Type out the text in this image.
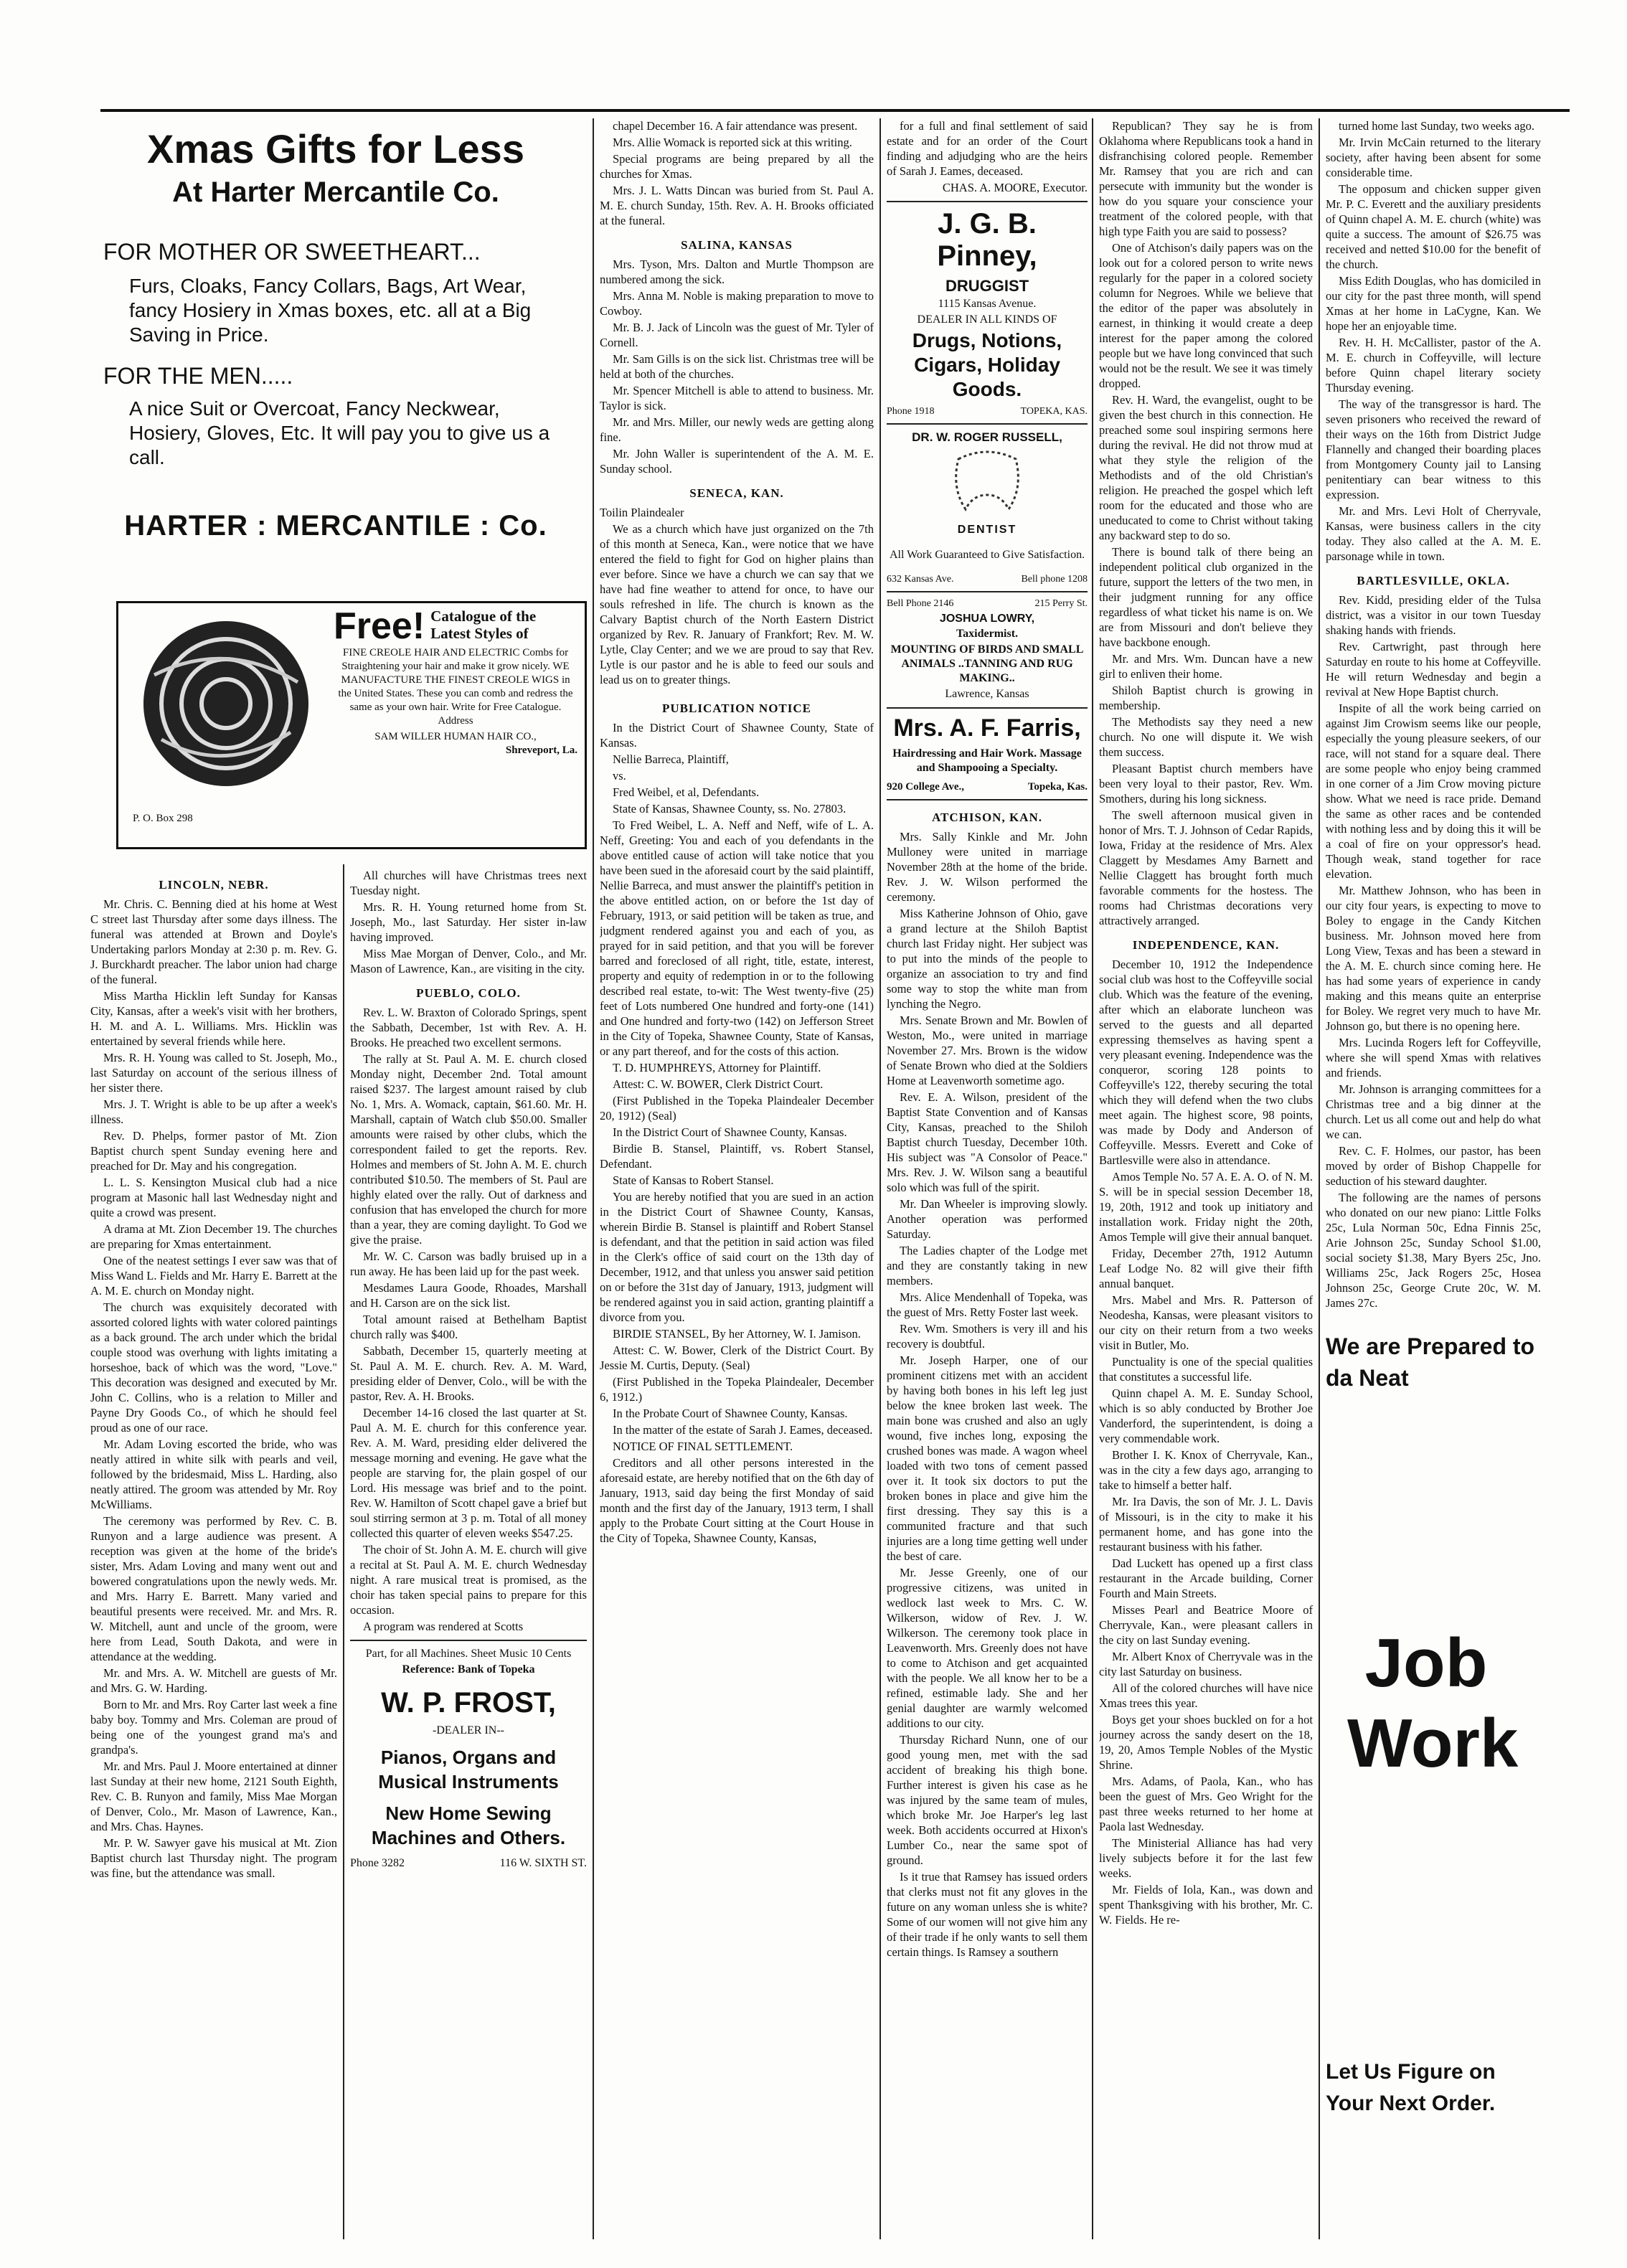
Xmas Gifts for Less
At Harter Mercantile Co.
FOR MOTHER OR SWEETHEART...
Furs, Cloaks, Fancy Collars, Bags, Art Wear, fancy Hosiery in Xmas boxes, etc. all at a Big Saving in Price.
FOR THE MEN.....
A nice Suit or Overcoat, Fancy Neckwear, Hosiery, Gloves, Etc. It will pay you to give us a call.
HARTER : MERCANTILE : Co.
P. O. Box 298
Free! Catalogue of the Latest Styles of
FINE CREOLE HAIR AND ELECTRIC Combs for Straightening your hair and make it grow nicely. WE MANUFACTURE THE FINEST CREOLE WIGS in the United States. These you can comb and redress the same as your own hair. Write for Free Catalogue. Address
SAM WILLER HUMAN HAIR CO.,
Shreveport, La.
LINCOLN, NEBR.

Mr. Chris. C. Benning died at his home at West C street last Thursday after some days illness. The funeral was attended at Brown and Doyle's Undertaking parlors Monday at 2:30 p. m. Rev. G. J. Burckhardt preacher. The labor union had charge of the funeral.

Miss Martha Hicklin left Sunday for Kansas City, Kansas, after a week's visit with her brothers, H. M. and A. L. Williams. Mrs. Hicklin was entertained by several friends while here.

Mrs. R. H. Young was called to St. Joseph, Mo., last Saturday on account of the serious illness of her sister there.

Mrs. J. T. Wright is able to be up after a week's illness.

Rev. D. Phelps, former pastor of Mt. Zion Baptist church spent Sunday evening here and preached for Dr. May and his congregation.

L. L. S. Kensington Musical club had a nice program at Masonic hall last Wednesday night and quite a crowd was present.

A drama at Mt. Zion December 19. The churches are preparing for Xmas entertainment.

One of the neatest settings I ever saw was that of Miss Wand L. Fields and Mr. Harry E. Barrett at the A. M. E. church on Monday night.

The church was exquisitely decorated with assorted colored lights with water colored paintings as a back ground. The arch under which the bridal couple stood was overhung with lights imitating a horseshoe, back of which was the word, "Love." This decoration was designed and executed by Mr. John C. Collins, who is a relation to Miller and Payne Dry Goods Co., of which he should feel proud as one of our race.

Mr. Adam Loving escorted the bride, who was neatly attired in white silk with pearls and veil, followed by the bridesmaid, Miss L. Harding, also neatly attired. The groom was attended by Mr. Roy McWilliams.

The ceremony was performed by Rev. C. B. Runyon and a large audience was present. A reception was given at the home of the bride's sister, Mrs. Adam Loving and many went out and bowered congratulations upon the newly weds. Mr. and Mrs. Harry E. Barrett. Many varied and beautiful presents were received. Mr. and Mrs. R. W. Mitchell, aunt and uncle of the groom, were here from Lead, South Dakota, and were in attendance at the wedding.

Mr. and Mrs. A. W. Mitchell are guests of Mr. and Mrs. G. W. Harding.

Born to Mr. and Mrs. Roy Carter last week a fine baby boy. Tommy and Mrs. Coleman are proud of being one of the youngest grand ma's and grandpa's.

Mr. and Mrs. Paul J. Moore entertained at dinner last Sunday at their new home, 2121 South Eighth, Rev. C. B. Runyon and family, Miss Mae Morgan of Denver, Colo., Mr. Mason of Lawrence, Kan., and Mrs. Chas. Haynes.

Mr. P. W. Sawyer gave his musical at Mt. Zion Baptist church last Thursday night. The program was fine, but the attendance was small.

All churches will have Christmas trees next Tuesday night.

Mrs. R. H. Young returned home from St. Joseph, Mo., last Saturday. Her sister in-law having improved.

Miss Mae Morgan of Denver, Colo., and Mr. Mason of Lawrence, Kan., are visiting in the city.

PUEBLO, COLO.

Rev. L. W. Braxton of Colorado Springs, spent the Sabbath, December, 1st with Rev. A. H. Brooks. He preached two excellent sermons.

The rally at St. Paul A. M. E. church closed Monday night, December 2nd. Total amount raised $237. The largest amount raised by club No. 1, Mrs. A. Womack, captain, $61.60. Mr. H. Marshall, captain of Watch club $50.00. Smaller amounts were raised by other clubs, which the correspondent failed to get the reports. Rev. Holmes and members of St. John A. M. E. church contributed $10.50. The members of St. Paul are highly elated over the rally. Out of darkness and confusion that has enveloped the church for more than a year, they are coming daylight. To God we give the praise.

Mr. W. C. Carson was badly bruised up in a run away. He has been laid up for the past week.

Mesdames Laura Goode, Rhoades, Marshall and H. Carson are on the sick list.

Total amount raised at Bethelham Baptist church rally was $400.

Sabbath, December 15, quarterly meeting at St. Paul A. M. E. church. Rev. A. M. Ward, presiding elder of Denver, Colo., will be with the pastor, Rev. A. H. Brooks.

December 14-16 closed the last quarter at St. Paul A. M. E. church for this conference year. Rev. A. M. Ward, presiding elder delivered the message morning and evening. He gave what the people are starving for, the plain gospel of our Lord. His message was brief and to the point. Rev. W. Hamilton of Scott chapel gave a brief but soul stirring sermon at 3 p. m. Total of all money collected this quarter of eleven weeks $547.25.

The choir of St. John A. M. E. church will give a recital at St. Paul A. M. E. church Wednesday night. A rare musical treat is promised, as the choir has taken special pains to prepare for this occasion.

A program was rendered at Scotts

Part, for all Machines. Sheet Music 10 Cents
Reference: Bank of Topeka
W. P. FROST,
-DEALER IN--
Pianos, Organs and Musical Instruments
New Home Sewing Machines and Others.
Phone 3282	116 W. SIXTH ST.

chapel December 16. A fair attendance was present.

Mrs. Allie Womack is reported sick at this writing.

Special programs are being prepared by all the churches for Xmas.

Mrs. J. L. Watts Dincan was buried from St. Paul A. M. E. church Sunday, 15th. Rev. A. H. Brooks officiated at the funeral.

SALINA, KANSAS

Mrs. Tyson, Mrs. Dalton and Murtle Thompson are numbered among the sick.

Mrs. Anna M. Noble is making preparation to move to Cowboy.

Mr. B. J. Jack of Lincoln was the guest of Mr. Tyler of Cornell.

Mr. Sam Gills is on the sick list. Christmas tree will be held at both of the churches.

Mr. Spencer Mitchell is able to attend to business. Mr. Taylor is sick.

Mr. and Mrs. Miller, our newly weds are getting along fine.

Mr. John Waller is superintendent of the A. M. E. Sunday school.

SENECA, KAN.
Toilin Plaindealer

We as a church which have just organized on the 7th of this month at Seneca, Kan., were notice that we have entered the field to fight for God on higher plains than ever before. Since we have a church we can say that we have had fine weather to attend for once, to have our souls refreshed in life. The church is known as the Calvary Baptist church of the North Eastern District organized by Rev. R. January of Frankfort; Rev. M. W. Lytle, Clay Center; and we we are proud to say that Rev. Lytle is our pastor and he is able to feed our souls and lead us on to greater things.

PUBLICATION NOTICE

In the District Court of Shawnee County, State of Kansas.

Nellie Barreca, Plaintiff,

vs.

Fred Weibel, et al, Defendants.

State of Kansas, Shawnee County, ss. No. 27803.

To Fred Weibel, L. A. Neff and Neff, wife of L. A. Neff, Greeting: You and each of you defendants in the above entitled cause of action will take notice that you have been sued in the aforesaid court by the said plaintiff, Nellie Barreca, and must answer the plaintiff's petition in the above entitled action, on or before the 1st day of February, 1913, or said petition will be taken as true, and judgment rendered against you and each of you, as prayed for in said petition, and that you will be forever barred and foreclosed of all right, title, estate, interest, property and equity of redemption in or to the following described real estate, to-wit: The West twenty-five (25) feet of Lots numbered One hundred and forty-one (141) and One hundred and forty-two (142) on Jefferson Street in the City of Topeka, Shawnee County, State of Kansas, or any part thereof, and for the costs of this action.

T. D. HUMPHREYS, Attorney for Plaintiff.

Attest: C. W. BOWER, Clerk District Court.

(First Published in the Topeka Plaindealer December 20, 1912) (Seal)

In the District Court of Shawnee County, Kansas.

Birdie B. Stansel, Plaintiff, vs. Robert Stansel, Defendant.

State of Kansas to Robert Stansel.

You are hereby notified that you are sued in an action in the District Court of Shawnee County, Kansas, wherein Birdie B. Stansel is plaintiff and Robert Stansel is defendant, and that the petition in said action was filed in the Clerk's office of said court on the 13th day of December, 1912, and that unless you answer said petition on or before the 31st day of January, 1913, judgment will be rendered against you in said action, granting plaintiff a divorce from you.

BIRDIE STANSEL, By her Attorney, W. I. Jamison.

Attest: C. W. Bower, Clerk of the District Court. By Jessie M. Curtis, Deputy. (Seal)

(First Published in the Topeka Plaindealer, December 6, 1912.)

In the Probate Court of Shawnee County, Kansas.

In the matter of the estate of Sarah J. Eames, deceased.

NOTICE OF FINAL SETTLEMENT.

Creditors and all other persons interested in the aforesaid estate, are hereby notified that on the 6th day of January, 1913, said day being the first Monday of said month and the first day of the January, 1913 term, I shall apply to the Probate Court sitting at the Court House in the City of Topeka, Shawnee County, Kansas,

for a full and final settlement of said estate and for an order of the Court finding and adjudging who are the heirs of Sarah J. Eames, deceased.
CHAS. A. MOORE, Executor.
J. G. B. Pinney,
DRUGGIST
1115 Kansas Avenue.
DEALER IN ALL KINDS OF
Drugs, Notions, Cigars, Holiday Goods.
Phone 1918	TOPEKA, KAS.
DR. W. ROGER RUSSELL,
DENTIST
All Work Guaranteed to Give Satisfaction.
632 Kansas Ave.	Bell phone 1208
Bell Phone 2146	215 Perry St.
JOSHUA LOWRY,
Taxidermist.
MOUNTING OF BIRDS AND SMALL ANIMALS ..TANNING AND RUG MAKING..
Lawrence, Kansas
Mrs. A. F. Farris,
Hairdressing and Hair Work. Massage and Shampooing a Specialty.
920 College Ave.,	Topeka, Kas.
ATCHISON, KAN.

Mrs. Sally Kinkle and Mr. John Mulloney were united in marriage November 28th at the home of the bride. Rev. J. W. Wilson performed the ceremony.

Miss Katherine Johnson of Ohio, gave a grand lecture at the Shiloh Baptist church last Friday night. Her subject was to put into the minds of the people to organize an association to try and find some way to stop the white man from lynching the Negro.

Mrs. Senate Brown and Mr. Bowlen of Weston, Mo., were united in marriage November 27. Mrs. Brown is the widow of Senate Brown who died at the Soldiers Home at Leavenworth sometime ago.

Rev. E. A. Wilson, president of the Baptist State Convention and of Kansas City, Kansas, preached to the Shiloh Baptist church Tuesday, December 10th. His subject was "A Consolor of Peace." Mrs. Rev. J. W. Wilson sang a beautiful solo which was full of the spirit.

Mr. Dan Wheeler is improving slowly. Another operation was performed Saturday.

The Ladies chapter of the Lodge met and they are constantly taking in new members.

Mrs. Alice Mendenhall of Topeka, was the guest of Mrs. Retty Foster last week.

Rev. Wm. Smothers is very ill and his recovery is doubtful.

Mr. Joseph Harper, one of our prominent citizens met with an accident by having both bones in his left leg just below the knee broken last week. The main bone was crushed and also an ugly wound, five inches long, exposing the crushed bones was made. A wagon wheel loaded with two tons of cement passed over it. It took six doctors to put the broken bones in place and give him the first dressing. They say this is a communited fracture and that such injuries are a long time getting well under the best of care.

Mr. Jesse Greenly, one of our progressive citizens, was united in wedlock last week to Mrs. C. W. Wilkerson, widow of Rev. J. W. Wilkerson. The ceremony took place in Leavenworth. Mrs. Greenly does not have to come to Atchison and get acquainted with the people. We all know her to be a refined, estimable lady. She and her genial daughter are warmly welcomed additions to our city.

Thursday Richard Nunn, one of our good young men, met with the sad accident of breaking his thigh bone. Further interest is given his case as he was injured by the same team of mules, which broke Mr. Joe Harper's leg last week. Both accidents occurred at Hixon's Lumber Co., near the same spot of ground.

Is it true that Ramsey has issued orders that clerks must not fit any gloves in the future on any woman unless she is white? Some of our women will not give him any of their trade if he only wants to sell them certain things. Is Ramsey a southern

Republican? They say he is from Oklahoma where Republicans took a hand in disfranchising colored people. Remember Mr. Ramsey that you are rich and can persecute with immunity but the wonder is how do you square your conscience your treatment of the colored people, with that high type Faith you are said to possess?

One of Atchison's daily papers was on the look out for a colored person to write news regularly for the paper in a colored society column for Negroes. While we believe that the editor of the paper was absolutely in earnest, in thinking it would create a deep interest for the paper among the colored people but we have long convinced that such would not be the result. We see it was timely dropped.

Rev. H. Ward, the evangelist, ought to be given the best church in this connection. He preached some soul inspiring sermons here during the revival. He did not throw mud at what they style the religion of the Methodists and of the old Christian's religion. He preached the gospel which left room for the educated and those who are uneducated to come to Christ without taking any backward step to do so.

There is bound talk of there being an independent political club organized in the future, support the letters of the two men, in their judgment running for any office regardless of what ticket his name is on. We are from Missouri and don't believe they have backbone enough.

Mr. and Mrs. Wm. Duncan have a new girl to enliven their home.

Shiloh Baptist church is growing in membership.

The Methodists say they need a new church. No one will dispute it. We wish them success.

Pleasant Baptist church members have been very loyal to their pastor, Rev. Wm. Smothers, during his long sickness.

The swell afternoon musical given in honor of Mrs. T. J. Johnson of Cedar Rapids, Iowa, Friday at the residence of Mrs. Alex Claggett by Mesdames Amy Barnett and Nellie Claggett has brought forth much favorable comments for the hostess. The rooms had Christmas decorations very attractively arranged.

INDEPENDENCE, KAN.

December 10, 1912 the Independence social club was host to the Coffeyville social club. Which was the feature of the evening, after which an elaborate luncheon was served to the guests and all departed expressing themselves as having spent a very pleasant evening. Independence was the conqueror, scoring 128 points to Coffeyville's 122, thereby securing the total which they will defend when the two clubs meet again. The highest score, 98 points, was made by Dody and Anderson of Coffeyville. Messrs. Everett and Coke of Bartlesville were also in attendance.

Amos Temple No. 57 A. E. A. O. of N. M. S. will be in special session December 18, 19, 20th, 1912 and took up initiatory and installation work. Friday night the 20th, Amos Temple will give their annual banquet.

Friday, December 27th, 1912 Autumn Leaf Lodge No. 82 will give their fifth annual banquet.

Mrs. Mabel and Mrs. R. Patterson of Neodesha, Kansas, were pleasant visitors to our city on their return from a two weeks visit in Butler, Mo.

Punctuality is one of the special qualities that constitutes a successful life.

Quinn chapel A. M. E. Sunday School, which is so ably conducted by Brother Joe Vanderford, the superintendent, is doing a very commendable work.

Brother I. K. Knox of Cherryvale, Kan., was in the city a few days ago, arranging to take to himself a better half.

Mr. Ira Davis, the son of Mr. J. L. Davis of Missouri, is in the city to make it his permanent home, and has gone into the restaurant business with his father.

Dad Luckett has opened up a first class restaurant in the Arcade building, Corner Fourth and Main Streets.

Misses Pearl and Beatrice Moore of Cherryvale, Kan., were pleasant callers in the city on last Sunday evening.

Mr. Albert Knox of Cherryvale was in the city last Saturday on business.

All of the colored churches will have nice Xmas trees this year.

Boys get your shoes buckled on for a hot journey across the sandy desert on the 18, 19, 20, Amos Temple Nobles of the Mystic Shrine.

Mrs. Adams, of Paola, Kan., who has been the guest of Mrs. Geo Wright for the past three weeks returned to her home at Paola last Wednesday.

The Ministerial Alliance has had very lively subjects before it for the last few weeks.

Mr. Fields of Iola, Kan., was down and spent Thanksgiving with his brother, Mr. C. W. Fields. He re-

turned home last Sunday, two weeks ago.

Mr. Irvin McCain returned to the literary society, after having been absent for some considerable time.

The opposum and chicken supper given Mr. P. C. Everett and the auxiliary presidents of Quinn chapel A. M. E. church (white) was quite a success. The amount of $26.75 was received and netted $10.00 for the benefit of the church.

Miss Edith Douglas, who has domiciled in our city for the past three month, will spend Xmas at her home in LaCygne, Kan. We hope her an enjoyable time.

Rev. H. H. McCallister, pastor of the A. M. E. church in Coffeyville, will lecture before Quinn chapel literary society Thursday evening.

The way of the transgressor is hard. The seven prisoners who received the reward of their ways on the 16th from District Judge Flannelly and changed their boarding places from Montgomery County jail to Lansing penitentiary can bear witness to this expression.

Mr. and Mrs. Levi Holt of Cherryvale, Kansas, were business callers in the city today. They also called at the A. M. E. parsonage while in town.

BARTLESVILLE, OKLA.

Rev. Kidd, presiding elder of the Tulsa district, was a visitor in our town Tuesday shaking hands with friends.

Rev. Cartwright, past through here Saturday en route to his home at Coffeyville. He will return Wednesday and begin a revival at New Hope Baptist church.

Inspite of all the work being carried on against Jim Crowism seems like our people, especially the young pleasure seekers, of our race, will not stand for a square deal. There are some people who enjoy being crammed in one corner of a Jim Crow moving picture show. What we need is race pride. Demand the same as other races and be contended with nothing less and by doing this it will be a coal of fire on your oppressor's head. Though weak, stand together for race elevation.

Mr. Matthew Johnson, who has been in our city four years, is expecting to move to Boley to engage in the Candy Kitchen business. Mr. Johnson moved here from Long View, Texas and has been a steward in the A. M. E. church since coming here. He has had some years of experience in candy making and this means quite an enterprise for Boley. We regret very much to have Mr. Johnson go, but there is no opening here.

Mrs. Lucinda Rogers left for Coffeyville, where she will spend Xmas with relatives and friends.

Mr. Johnson is arranging committees for a Christmas tree and a big dinner at the church. Let us all come out and help do what we can.

Rev. C. F. Holmes, our pastor, has been moved by order of Bishop Chappelle for seduction of his steward daughter.

The following are the names of persons who donated on our new piano: Little Folks 25c, Lula Norman 50c, Edna Finnis 25c, Arie Johnson 25c, Sunday School $1.00, social society $1.38, Mary Byers 25c, Jno. Williams 25c, Jack Rogers 25c, Hosea Johnson 25c, George Crute 20c, W. M. James 27c.

We are Prepared to da Neat
Job Work
Let Us Figure on Your Next Order.
